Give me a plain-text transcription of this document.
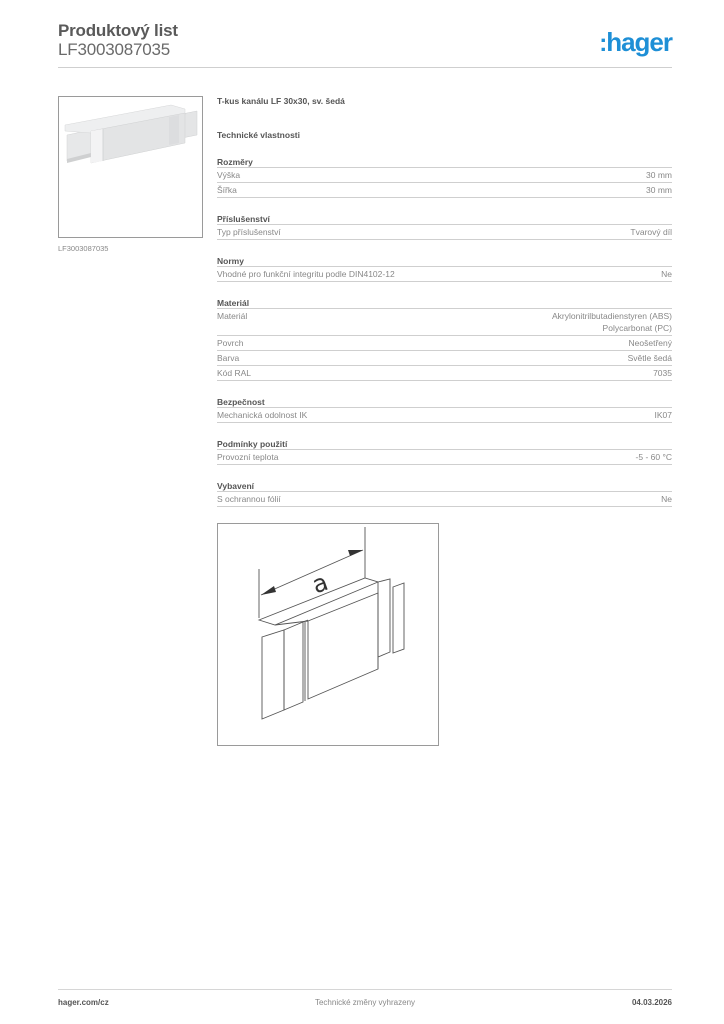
Produktový list
LF3003087035	:hager
LF3003087035
T-kus kanálu LF 30x30, sv. šedá
Technické vlastnosti
Rozměry
Výška	30 mm
Šířka	30 mm
Příslušenství
Typ příslušenství	Tvarový díl
Normy
Vhodné pro funkční integritu podle DIN4102-12	Ne
Materiál
Materiál	Akrylonitrilbutadienstyren (ABS)
Polycarbonat (PC)
Povrch	Neošetřený
Barva	Světle šedá
Kód RAL	7035
Bezpečnost
Mechanická odolnost IK	IK07
Podmínky použití
Provozní teplota	-5 - 60 °C
Vybavení
S ochrannou fólií	Ne
a
hager.com/cz	Technické změny vyhrazeny	04.03.2026
